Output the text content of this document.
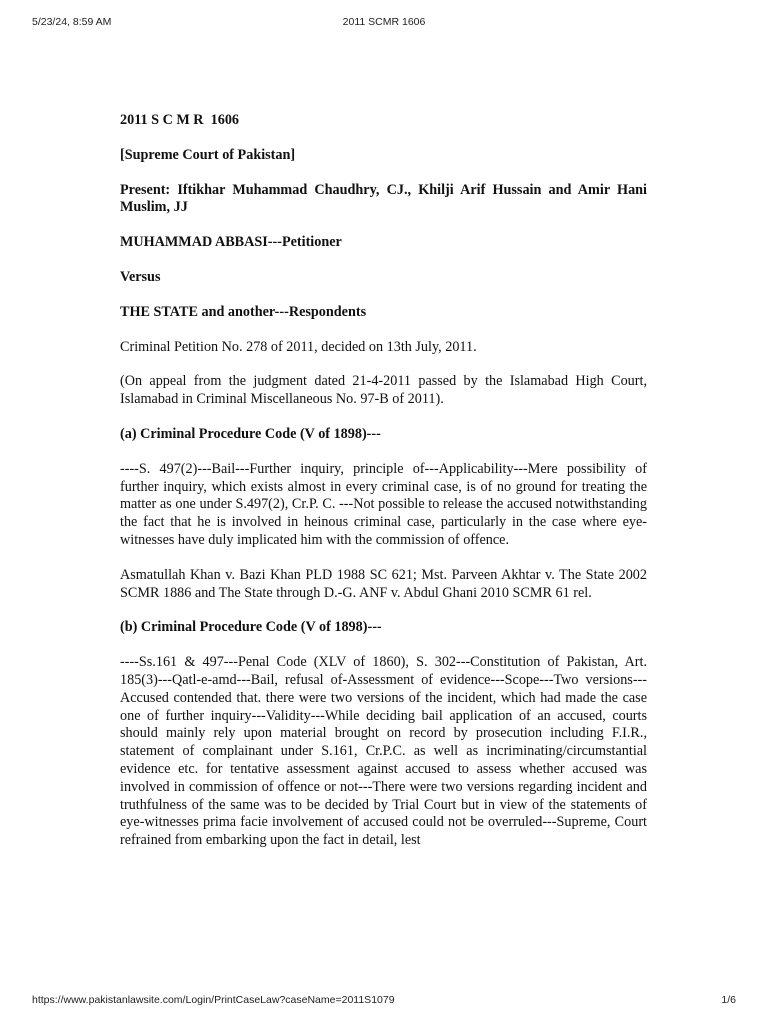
5/23/24, 8:59 AM	2011 SCMR 1606

2011 S C M R  1606

[Supreme Court of Pakistan]

Present: Iftikhar Muhammad Chaudhry, CJ., Khilji Arif Hussain and Amir Hani Muslim, JJ

MUHAMMAD ABBASI---Petitioner

Versus

THE STATE and another---Respondents

Criminal Petition No. 278 of 2011, decided on 13th July, 2011.

(On appeal from the judgment dated 21-4-2011 passed by the Islamabad High Court, Islamabad in Criminal Miscellaneous No. 97-B of 2011).

(a) Criminal Procedure Code (V of 1898)---

----S. 497(2)---Bail---Further inquiry, principle of---Applicability---Mere possibility of further inquiry, which exists almost in every criminal case, is of no ground for treating the matter as one under S.497(2), Cr.P. C. ---Not possible to release the accused notwithstanding the fact that he is involved in heinous criminal case, particularly in the case where eye-witnesses have duly implicated him with the commission of offence.

Asmatullah Khan v. Bazi Khan PLD 1988 SC 621; Mst. Parveen Akhtar v. The State 2002 SCMR 1886 and The State through D.-G. ANF v. Abdul Ghani 2010 SCMR 61 rel.

(b) Criminal Procedure Code (V of 1898)---

----Ss.161 & 497---Penal Code (XLV of 1860), S. 302---Constitution of Pakistan, Art. 185(3)---Qatl-e-amd---Bail, refusal of-Assessment of evidence---Scope---Two versions---Accused contended that. there were two versions of the incident, which had made the case one of further inquiry---Validity---While deciding bail application of an accused, courts should mainly rely upon material brought on record by prosecution including F.I.R., statement of complainant under S.161, Cr.P.C. as well as incriminating/circumstantial evidence etc. for tentative assessment against accused to assess whether accused was involved in commission of offence or not---There were two versions regarding incident and truthfulness of the same was to be decided by Trial Court but in view of the statements of eye-witnesses prima facie involvement of accused could not be overruled---Supreme, Court refrained from embarking upon the fact in detail, lest

https://www.pakistanlawsite.com/Login/PrintCaseLaw?caseName=2011S1079	1/6
